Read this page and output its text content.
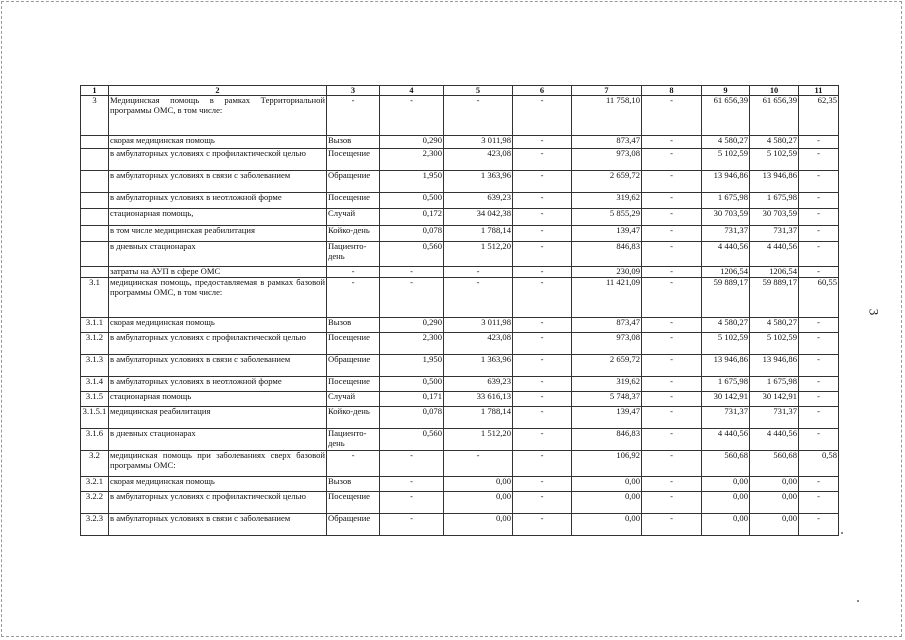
1	2	3	4	5	6	7	8	9	10	11
3	Медицинская помощь в рамках Территориальной программы ОМС, в том числе:	-	-	-	-	11 758,10	-	61 656,39	61 656,39	62,35
	скорая медицинская помощь	Вызов	0,290	3 011,98	-	873,47	-	4 580,27	4 580,27	-
	в амбулаторных условиях с профилактической целью	Посещение	2,300	423,08	-	973,08	-	5 102,59	5 102,59	-
	в амбулаторных условиях в связи с заболеванием	Обращение	1,950	1 363,96	-	2 659,72	-	13 946,86	13 946,86	-
	в амбулаторных условиях в неотложной форме	Посещение	0,500	639,23	-	319,62	-	1 675,98	1 675,98	-
	стационарная помощь,	Случай	0,172	34 042,38	-	5 855,29	-	30 703,59	30 703,59	-
	в том числе медицинская реабилитация	Койко-день	0,078	1 788,14	-	139,47	-	731,37	731,37	-
	в дневных стационарах	Пациенто-день	0,560	1 512,20	-	846,83	-	4 440,56	4 440,56	-
	затраты на АУП в сфере ОМС	-	-	-	-	230,09	-	1206,54	1206,54	-
3.1	медицинская помощь, предоставляемая в рамках базовой программы ОМС, в том числе:	-	-	-	-	11 421,09	-	59 889,17	59 889,17	60,55
3.1.1	скорая медицинская помощь	Вызов	0,290	3 011,98	-	873,47	-	4 580,27	4 580,27	-
3.1.2	в амбулаторных условиях с профилактической целью	Посещение	2,300	423,08	-	973,08	-	5 102,59	5 102,59	-
3.1.3	в амбулаторных условиях в связи с заболеванием	Обращение	1,950	1 363,96	-	2 659,72	-	13 946,86	13 946,86	-
3.1.4	в амбулаторных условиях в неотложной форме	Посещение	0,500	639,23	-	319,62	-	1 675,98	1 675,98	-
3.1.5	стационарная помощь	Случай	0,171	33 616,13	-	5 748,37	-	30 142,91	30 142,91	-
3.1.5.1	медицинская реабилитация	Койко-день	0,078	1 788,14	-	139,47	-	731,37	731,37	-
3.1.6	в дневных стационарах	Пациенто-день	0,560	1 512,20	-	846,83	-	4 440,56	4 440,56	-
3.2	медицинская помощь при заболеваниях сверх базовой программы ОМС:	-	-	-	-	106,92	-	560,68	560,68	0,58
3.2.1	скорая медицинская помощь	Вызов	-	0,00	-	0,00	-	0,00	0,00	-
3.2.2	в амбулаторных условиях с профилактической целью	Посещение	-	0,00	-	0,00	-	0,00	0,00	-
3.2.3	в амбулаторных условиях в связи с заболеванием	Обращение	-	0,00	-	0,00	-	0,00	0,00	-
3
